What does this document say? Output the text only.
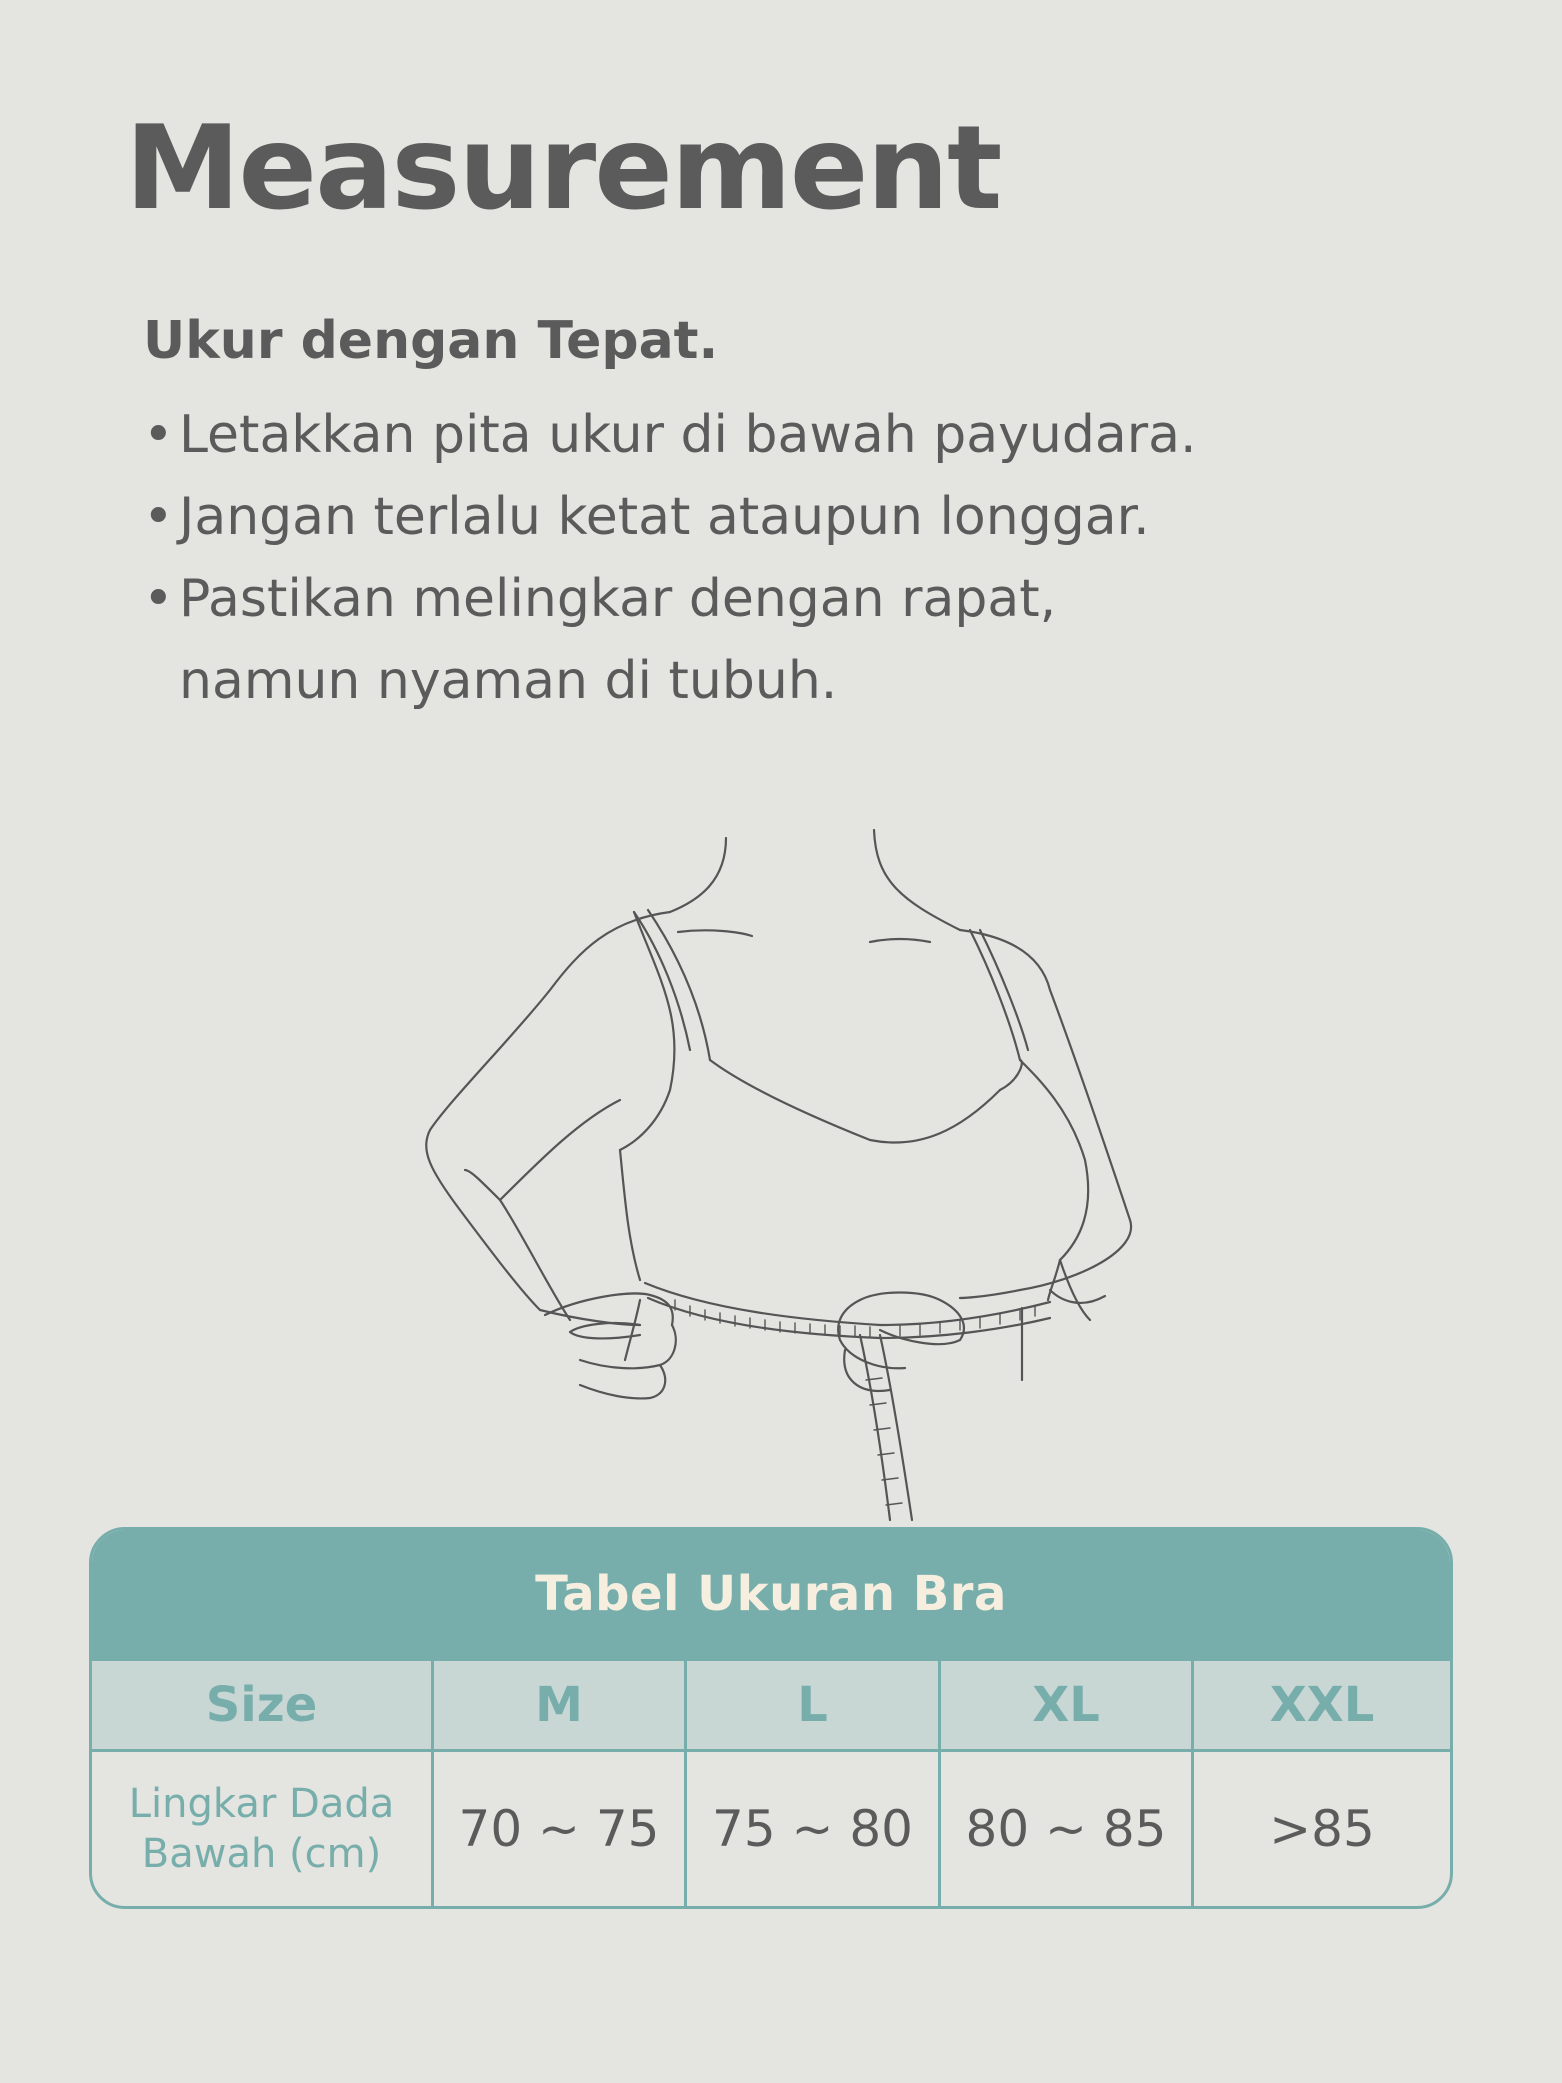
Measurement

Ukur dengan Tepat.

• Letakkan pita ukur di bawah payudara.

• Jangan terlalu ketat ataupun longgar.

• Pastikan melingkar dengan rapat,
namun nyaman di tubuh.

Tabel Ukuran Bra
Size	M	L	XL	XXL
Lingkar Dada
Bawah (cm)	70 ~ 75	75 ~ 80	80 ~ 85	>85
